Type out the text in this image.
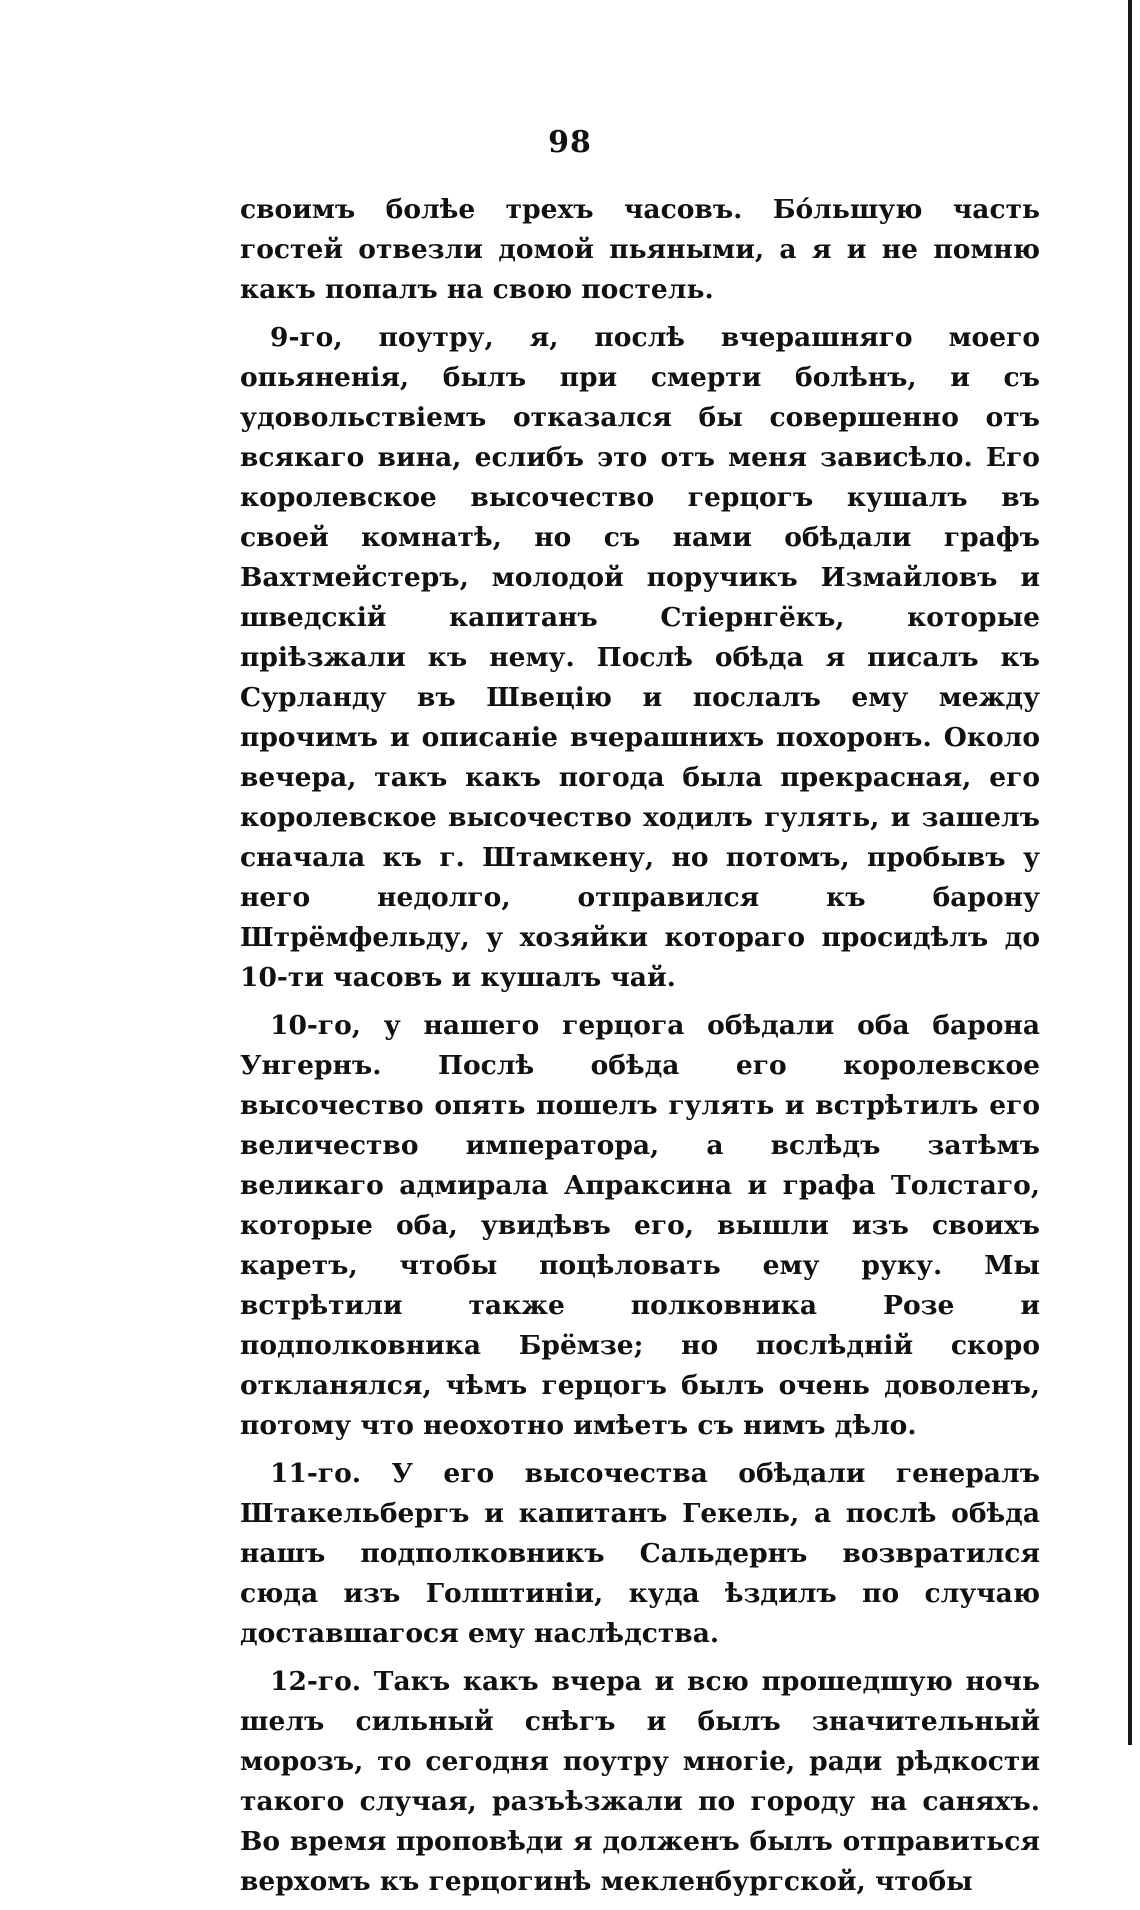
98

своимъ болѣе трехъ часовъ. Бо́льшую часть гостей отвезли домой пьяными, а я и не помню какъ попалъ на свою постель.

9-го, поутру, я, послѣ вчерашняго моего опьяненія, былъ при смерти болѣнъ, и съ удовольствіемъ отказался бы совершенно отъ всякаго вина, еслибъ это отъ меня зависѣло. Его королевское высочество герцогъ кушалъ въ своей комнатѣ, но съ нами обѣдали графъ Вахтмейстеръ, молодой поручикъ Измайловъ и шведскій капитанъ Стіернгёкъ, которые пріѣзжали къ нему. Послѣ обѣда я писалъ къ Сурланду въ Швецію и послалъ ему между прочимъ и описаніе вчерашнихъ похоронъ. Около вечера, такъ какъ погода была прекрасная, его королевское высочество ходилъ гулять, и зашелъ сначала къ г. Штамкену, но потомъ, пробывъ у него недолго, отправился къ барону Штрёмфельду, у хозяйки котораго просидѣлъ до 10-ти часовъ и кушалъ чай.

10-го, у нашего герцога обѣдали оба барона Унгернъ. Послѣ обѣда его королевское высочество опять пошелъ гулять и встрѣтилъ его величество императора, а вслѣдъ затѣмъ великаго адмирала Апраксина и графа Толстаго, которые оба, увидѣвъ его, вышли изъ своихъ каретъ, чтобы поцѣловать ему руку. Мы встрѣтили также полковника Розе и подполковника Брёмзе; но послѣдній скоро откланялся, чѣмъ герцогъ былъ очень доволенъ, потому что неохотно имѣетъ съ нимъ дѣло.

11-го. У его высочества обѣдали генералъ Штакельбергъ и капитанъ Гекель, а послѣ обѣда нашъ подполковникъ Сальдернъ возвратился сюда изъ Голштиніи, куда ѣздилъ по случаю доставшагося ему наслѣдства.

12-го. Такъ какъ вчера и всю прошедшую ночь шелъ сильный снѣгъ и былъ значительный морозъ, то сегодня поутру многіе, ради рѣдкости такого случая, разъѣзжали по городу на саняхъ. Во время проповѣди я долженъ былъ отправиться верхомъ къ герцогинѣ мекленбургской, чтобы
